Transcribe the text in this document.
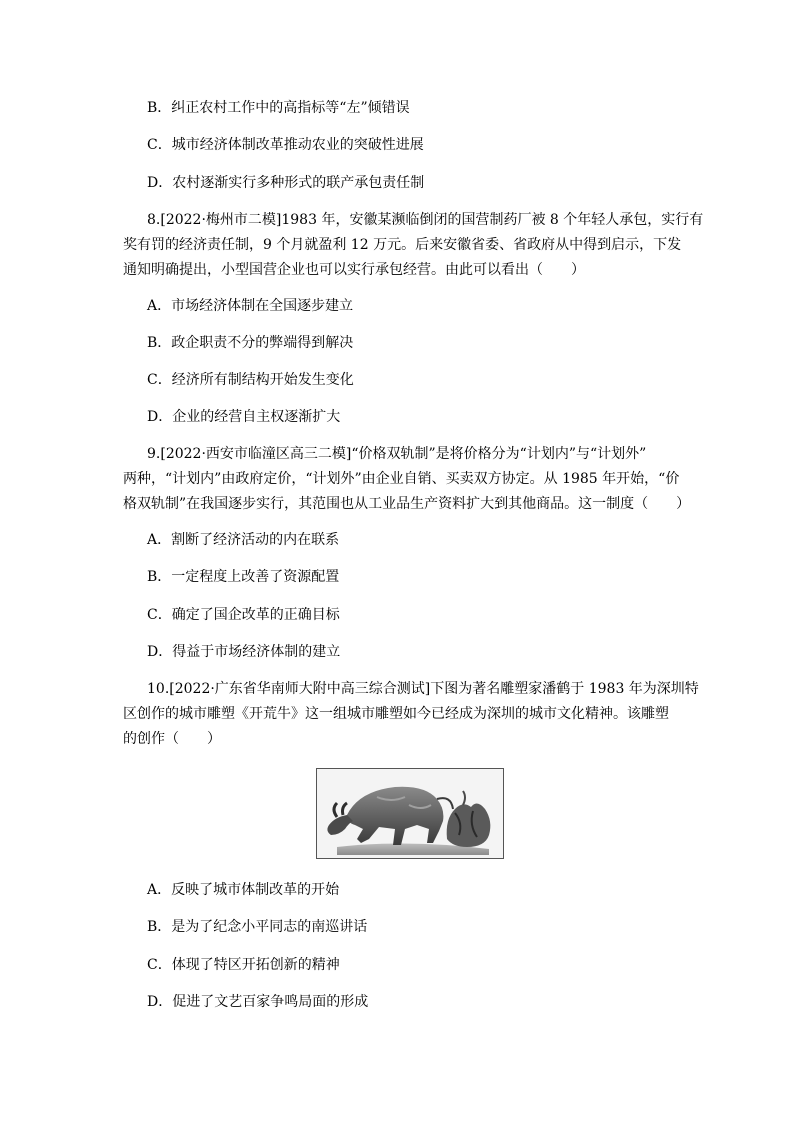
B．纠正农村工作中的高指标等“左”倾错误
C．城市经济体制改革推动农业的突破性进展
D．农村逐渐实行多种形式的联产承包责任制
8.[2022·梅州市二模]1983 年，安徽某濒临倒闭的国营制药厂被 8 个年轻人承包，实行有
奖有罚的经济责任制，9 个月就盈利 12 万元。后来安徽省委、省政府从中得到启示，下发
通知明确提出，小型国营企业也可以实行承包经营。由此可以看出（　　）
A．市场经济体制在全国逐步建立
B．政企职责不分的弊端得到解决
C．经济所有制结构开始发生变化
D．企业的经营自主权逐渐扩大
9.[2022·西安市临潼区高三二模]“价格双轨制”是将价格分为“计划内”与“计划外”
两种，“计划内”由政府定价，“计划外”由企业自销、买卖双方协定。从 1985 年开始，“价
格双轨制”在我国逐步实行，其范围也从工业品生产资料扩大到其他商品。这一制度（　　）
A．割断了经济活动的内在联系
B．一定程度上改善了资源配置
C．确定了国企改革的正确目标
D．得益于市场经济体制的建立
10.[2022·广东省华南师大附中高三综合测试]下图为著名雕塑家潘鹤于 1983 年为深圳特
区创作的城市雕塑《开荒牛》这一组城市雕塑如今已经成为深圳的城市文化精神。该雕塑
的创作（　　）
A．反映了城市体制改革的开始
B．是为了纪念小平同志的南巡讲话
C．体现了特区开拓创新的精神
D．促进了文艺百家争鸣局面的形成
